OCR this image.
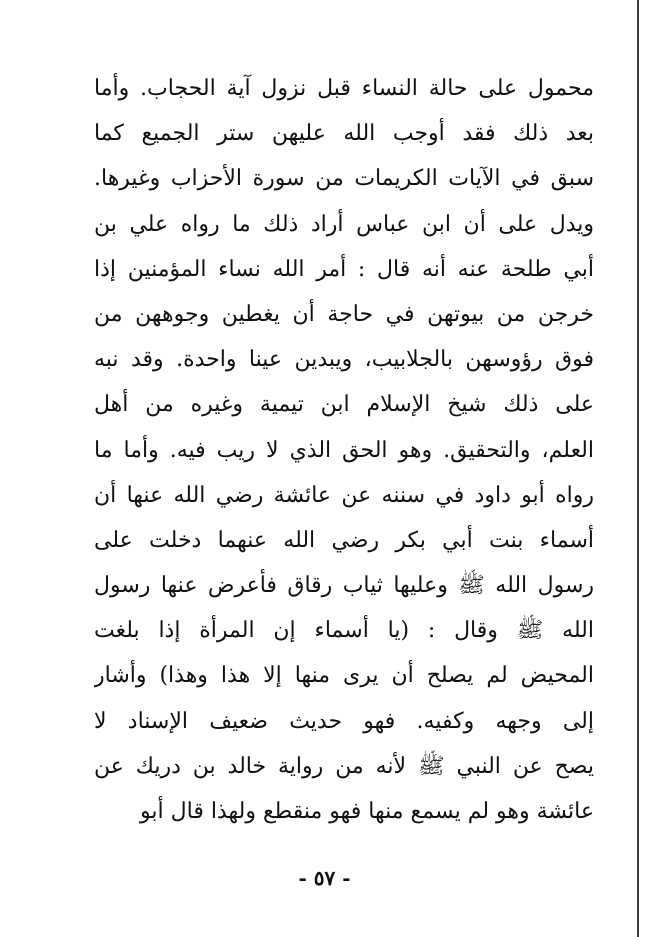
محمول على حالة النساء قبل نزول آية الحجاب. وأما
بعد ذلك فقد أوجب الله عليهن ستر الجميع كما
سبق في الآيات الكريمات من سورة الأحزاب وغيرها.
ويدل على أن ابن عباس أراد ذلك ما رواه علي بن
أبي طلحة عنه أنه قال : أمر الله نساء المؤمنين إذا
خرجن من بيوتهن في حاجة أن يغطين وجوههن من
فوق رؤوسهن بالجلابيب، ويبدين عينا واحدة. وقد نبه
على ذلك شيخ الإسلام ابن تيمية وغيره من أهل
العلم، والتحقيق. وهو الحق الذي لا ريب فيه. وأما ما
رواه أبو داود في سننه عن عائشة رضي الله عنها أن
أسماء بنت أبي بكر رضي الله عنهما دخلت على
رسول الله ﷺ وعليها ثياب رقاق فأعرض عنها رسول
الله ﷺ وقال : (يا أسماء إن المرأة إذا بلغت
المحيض لم يصلح أن يرى منها إلا هذا وهذا) وأشار
إلى وجهه وكفيه. فهو حديث ضعيف الإسناد لا
يصح عن النبي ﷺ لأنه من رواية خالد بن دريك عن
عائشة وهو لم يسمع منها فهو منقطع ولهذا قال أبو
- ٥٧ -
